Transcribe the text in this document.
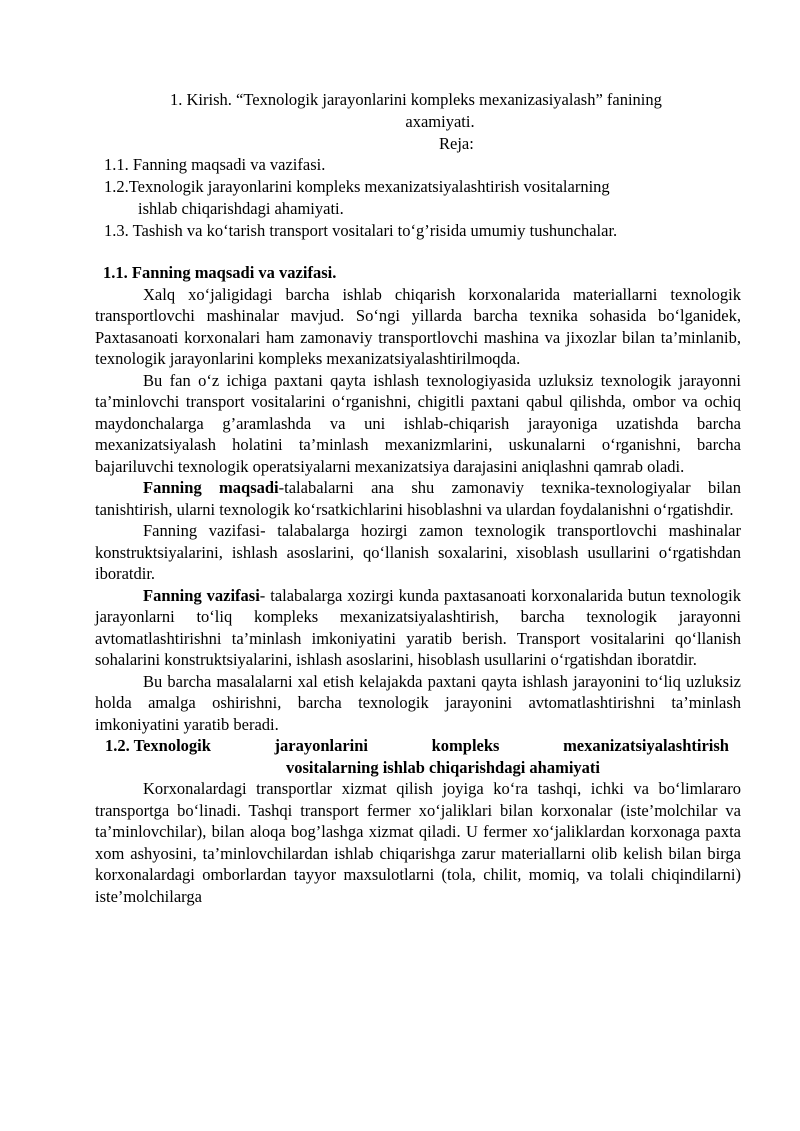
1. Kirish. “Texnologik jarayonlarini kompleks mexanizasiyalash” fanining
axamiyati.
Reja:
1.1. Fanning maqsadi va vazifasi.
1.2.Texnologik jarayonlarini kompleks mexanizatsiyalashtirish vositalarning
ishlab chiqarishdagi ahamiyati.
1.3. Tashish va ko‘tarish transport vositalari to‘g’risida umumiy tushunchalar.

1.1. Fanning maqsadi va vazifasi.

Xalq xo‘jaligidagi barcha ishlab chiqarish korxonalarida materiallarni texnologik transportlovchi mashinalar mavjud. So‘ngi yillarda barcha texnika sohasida bo‘lganidek, Paxtasanoati korxonalari ham zamonaviy transportlovchi mashina va jixozlar bilan ta’minlanib, texnologik jarayonlarini kompleks mexanizatsiyalashtirilmoqda.

Bu fan o‘z ichiga paxtani qayta ishlash texnologiyasida uzluksiz texnologik jarayonni ta’minlovchi transport vositalarini o‘rganishni, chigitli paxtani qabul qilishda, ombor va ochiq maydonchalarga g’aramlashda va uni ishlab-chiqarish jarayoniga uzatishda barcha mexanizatsiyalash holatini ta’minlash mexanizmlarini, uskunalarni o‘rganishni, barcha bajariluvchi texnologik operatsiyalarni mexanizatsiya darajasini aniqlashni qamrab oladi.

Fanning maqsadi-talabalarni ana shu zamonaviy texnika-texnologiyalar bilan tanishtirish, ularni texnologik ko‘rsatkichlarini hisoblashni va ulardan foydalanishni o‘rgatishdir.

Fanning vazifasi- talabalarga hozirgi zamon texnologik transportlovchi mashinalar konstruktsiyalarini, ishlash asoslarini, qo‘llanish soxalarini, xisoblash usullarini o‘rgatishdan iboratdir.

Fanning vazifasi- talabalarga xozirgi kunda paxtasanoati korxonalarida butun texnologik jarayonlarni to‘liq kompleks mexanizatsiyalashtirish, barcha texnologik jarayonni avtomatlashtirishni ta’minlash imkoniyatini yaratib berish. Transport vositalarini qo‘llanish sohalarini konstruktsiyalarini, ishlash asoslarini, hisoblash usullarini o‘rgatishdan iboratdir.

Bu barcha masalalarni xal etish kelajakda paxtani qayta ishlash jarayonini to‘liq uzluksiz holda amalga oshirishni, barcha texnologik jarayonini avtomatlashtirishni ta’minlash imkoniyatini yaratib beradi.

1.2. Texnologik	jarayonlarini	kompleks	mexanizatsiyalashtirish
vositalarning ishlab chiqarishdagi ahamiyati

Korxonalardagi transportlar xizmat qilish joyiga ko‘ra tashqi, ichki va bo‘limlararo transportga bo‘linadi. Tashqi transport fermer xo‘jaliklari bilan korxonalar (iste’molchilar va ta’minlovchilar), bilan aloqa bog’lashga xizmat qiladi. U fermer xo‘jaliklardan korxonaga paxta xom ashyosini, ta’minlovchilardan ishlab chiqarishga zarur materiallarni olib kelish bilan birga korxonalardagi omborlardan tayyor maxsulotlarni (tola, chilit, momiq, va tolali chiqindilarni) iste’molchilarga
